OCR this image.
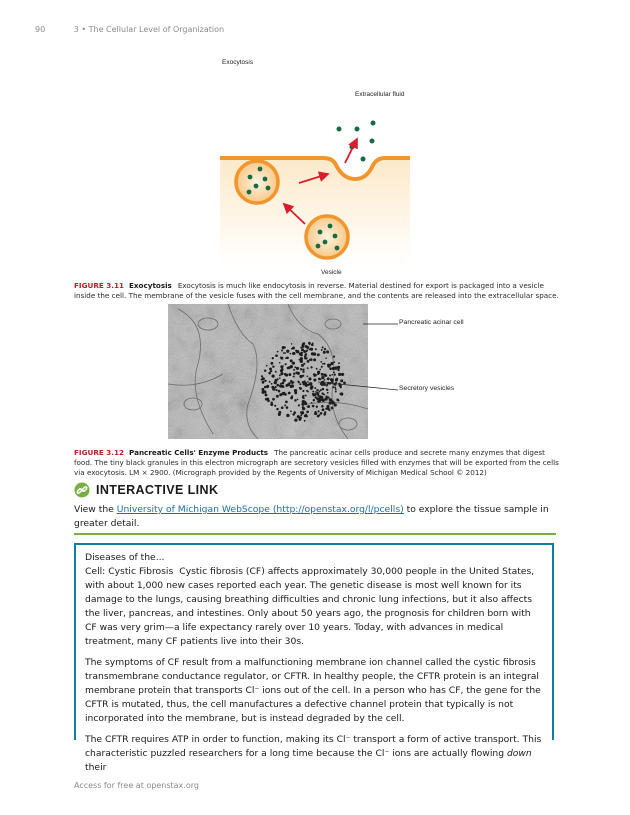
90	3 • The Cellular Level of Organization
Exocytosis
Extracellular fluid
Vesicle
FIGURE 3.11 Exocytosis Exocytosis is much like endocytosis in reverse. Material destined for export is packaged into a vesicle inside the cell. The membrane of the vesicle fuses with the cell membrane, and the contents are released into the extracellular space.
Pancreatic acinar cell
Secretory vesicles
FIGURE 3.12 Pancreatic Cells' Enzyme Products The pancreatic acinar cells produce and secrete many enzymes that digest food. The tiny black granules in this electron micrograph are secretory vesicles filled with enzymes that will be exported from the cells via exocytosis. LM × 2900. (Micrograph provided by the Regents of University of Michigan Medical School © 2012)
INTERACTIVE LINK
View the University of Michigan WebScope (http://openstax.org/l/pcells) to explore the tissue sample in greater detail.
Diseases of the...

Cell: Cystic Fibrosis Cystic fibrosis (CF) affects approximately 30,000 people in the United States, with about 1,000 new cases reported each year. The genetic disease is most well known for its damage to the lungs, causing breathing difficulties and chronic lung infections, but it also affects the liver, pancreas, and intestines. Only about 50 years ago, the prognosis for children born with CF was very grim—a life expectancy rarely over 10 years. Today, with advances in medical treatment, many CF patients live into their 30s.

The symptoms of CF result from a malfunctioning membrane ion channel called the cystic fibrosis transmembrane conductance regulator, or CFTR. In healthy people, the CFTR protein is an integral membrane protein that transports Cl⁻ ions out of the cell. In a person who has CF, the gene for the CFTR is mutated, thus, the cell manufactures a defective channel protein that typically is not incorporated into the membrane, but is instead degraded by the cell.

The CFTR requires ATP in order to function, making its Cl⁻ transport a form of active transport. This characteristic puzzled researchers for a long time because the Cl⁻ ions are actually flowing down their

Access for free at openstax.org
